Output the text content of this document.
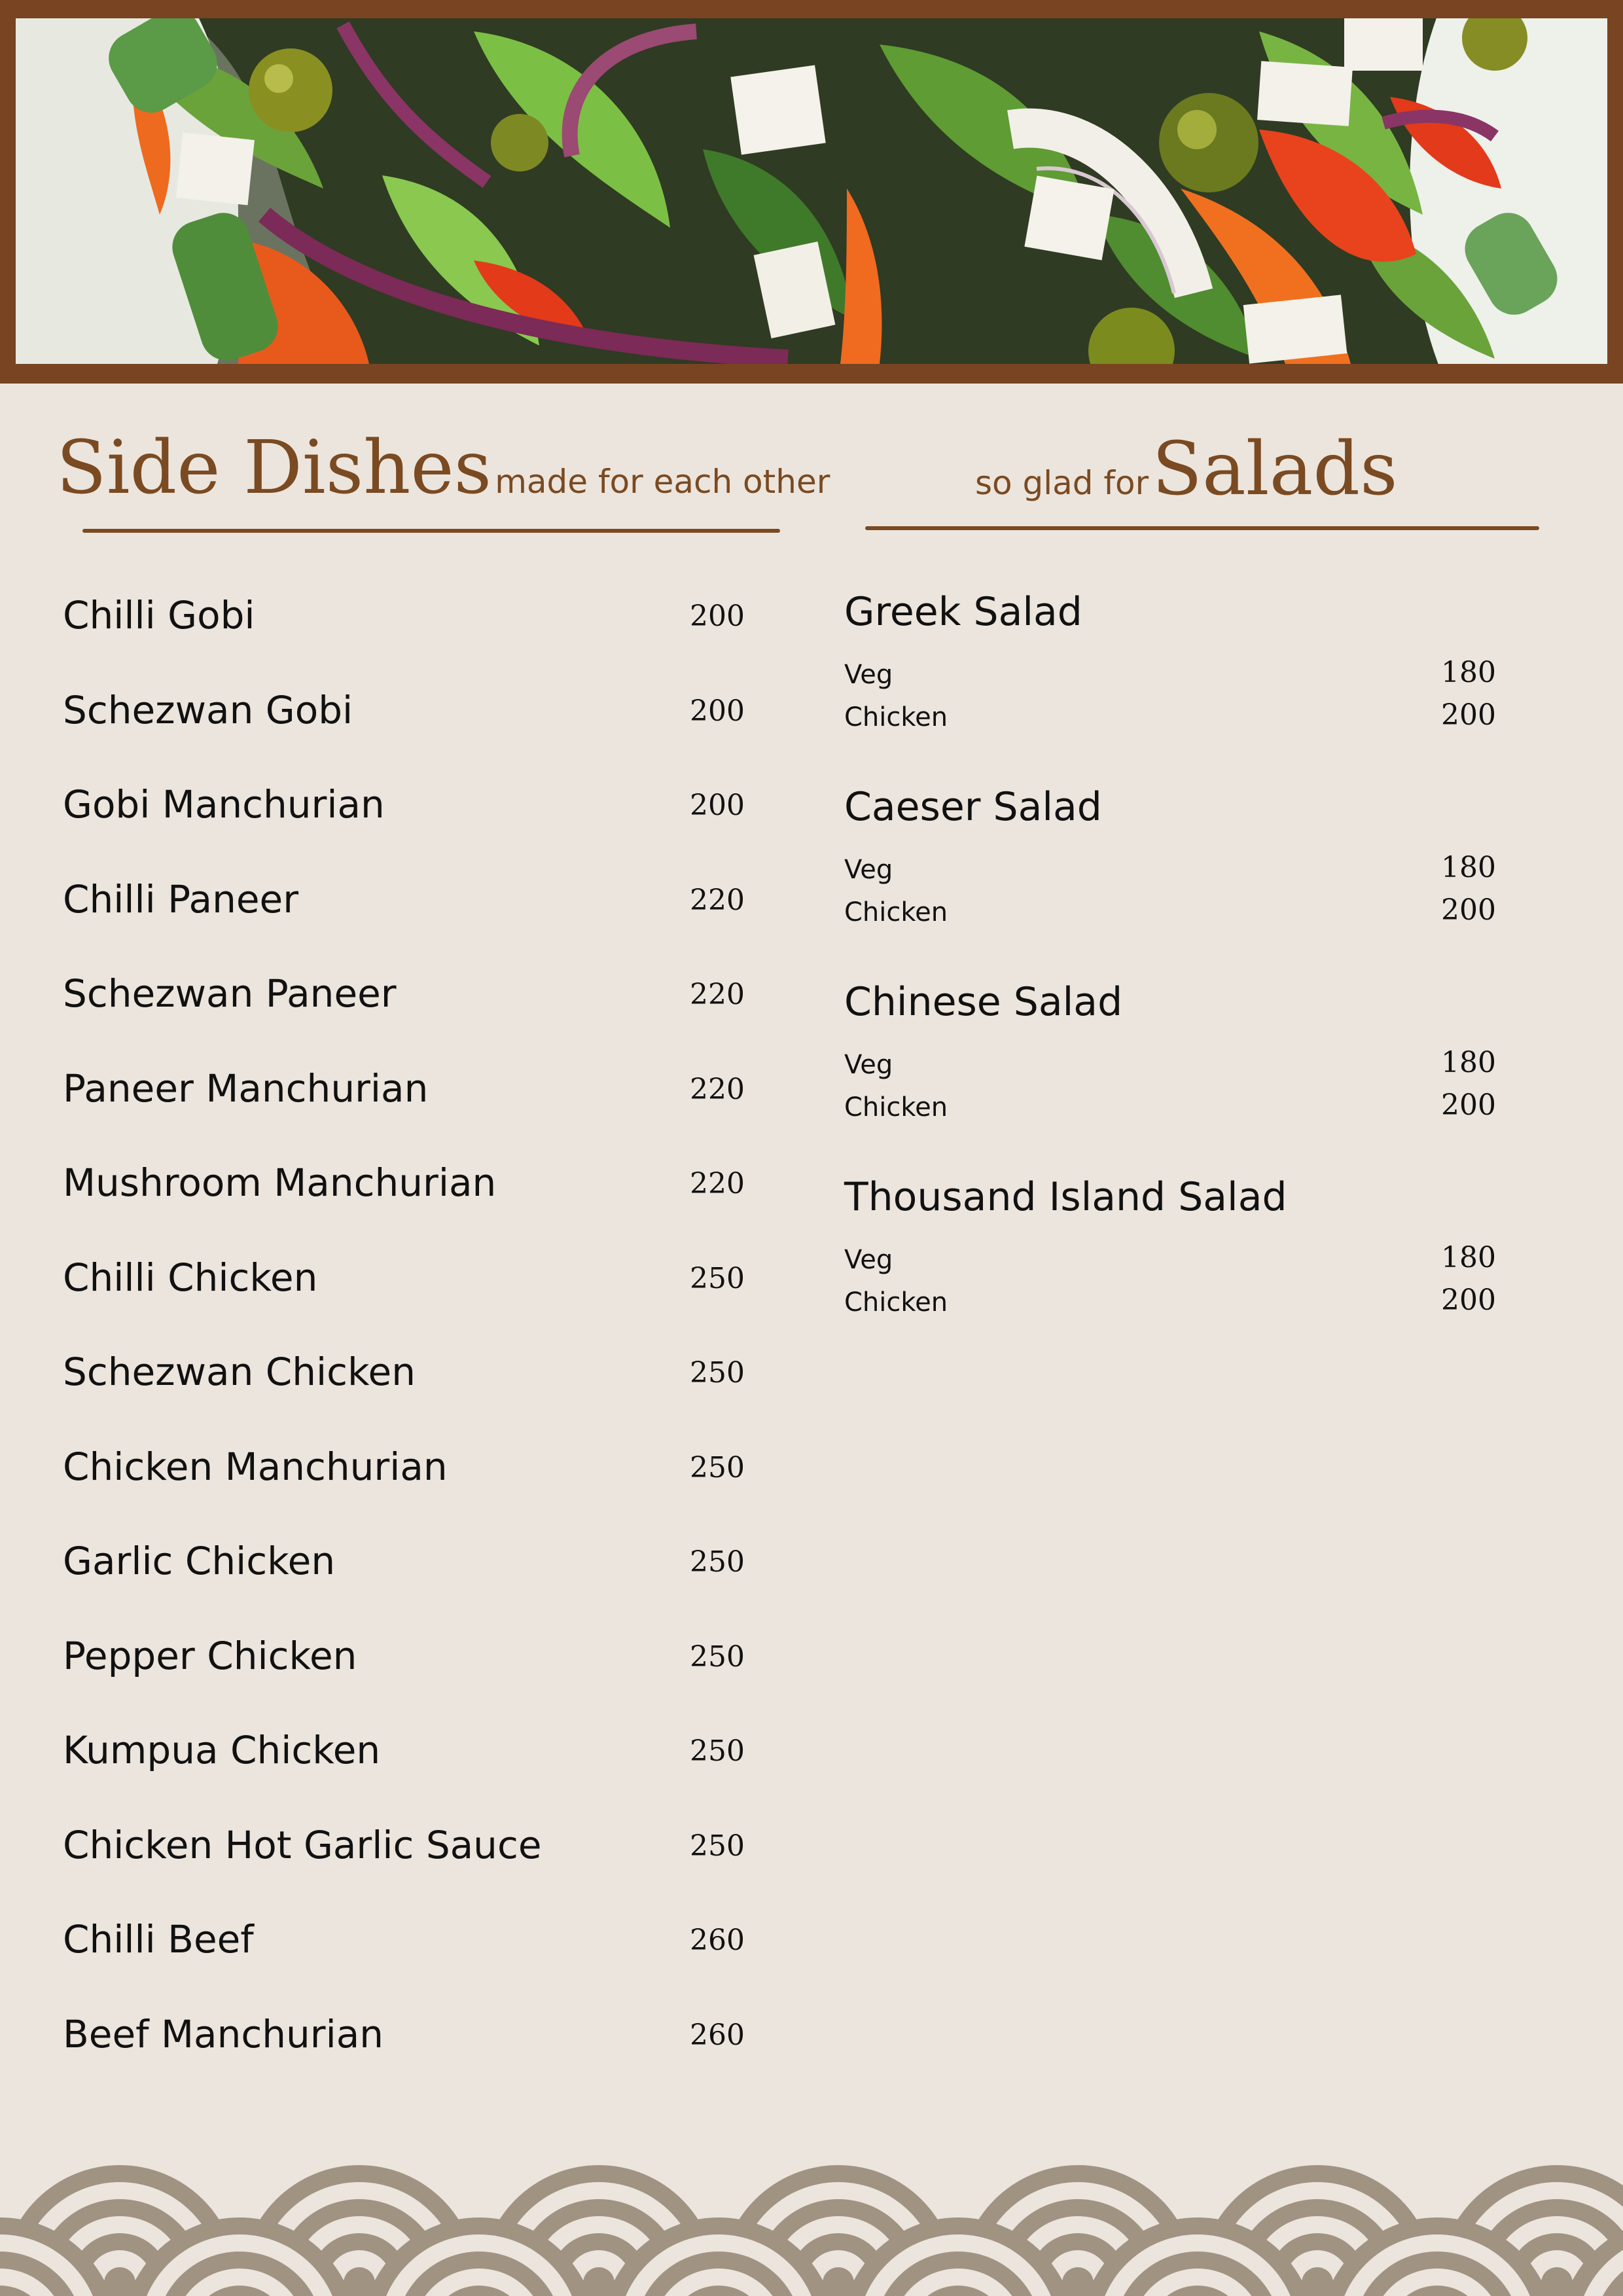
Side Dishes made for each other	so glad for Salads
Chilli Gobi	200
Schezwan Gobi	200
Gobi Manchurian	200
Chilli Paneer	220
Schezwan Paneer	220
Paneer Manchurian	220
Mushroom Manchurian	220
Chilli Chicken	250
Schezwan Chicken	250
Chicken Manchurian	250
Garlic Chicken	250
Pepper Chicken	250
Kumpua Chicken	250
Chicken Hot Garlic Sauce	250
Chilli Beef	260
Beef Manchurian	260
Greek Salad
Veg	180
Chicken	200
Caeser Salad
Veg	180
Chicken	200
Chinese Salad
Veg	180
Chicken	200
Thousand Island Salad
Veg	180
Chicken	200
